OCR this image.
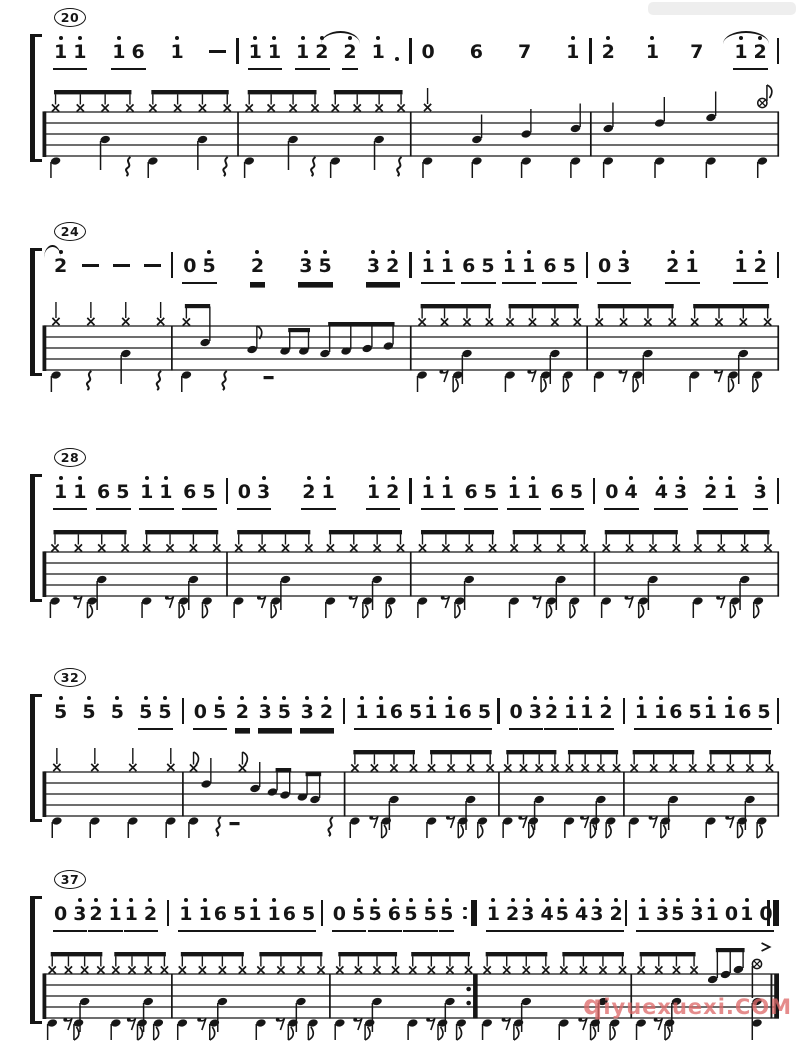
20
1 1 1 6 1	1 1 1 2 2 1 0 6 7 1 2 1 7 1 2
24
2	0 5 2 3 5 3 2 1 1 6 5 1 1 6 5 0 3 2 1 1 2
28
1 1 6 5 1 1 6 5 0 3 2 1 1 2 1 1 6 5 1 1 6 5 0 4 4 3 2 1 3
32
5 5 5 5 5 0 5 2 3 5 3 2 1 1 6 5 1 1 6 5 0 3 2 1 1 2 1 1 6 5 1 1 6 5
37
0 3 2 1 1 2 1 1 6 5 1 1 6 5 0 5 5 6 5 5 5 1 2 3 4 5 4 3 2 1 3 5 3 1 0 1 0
qiyuexuexi.COM
